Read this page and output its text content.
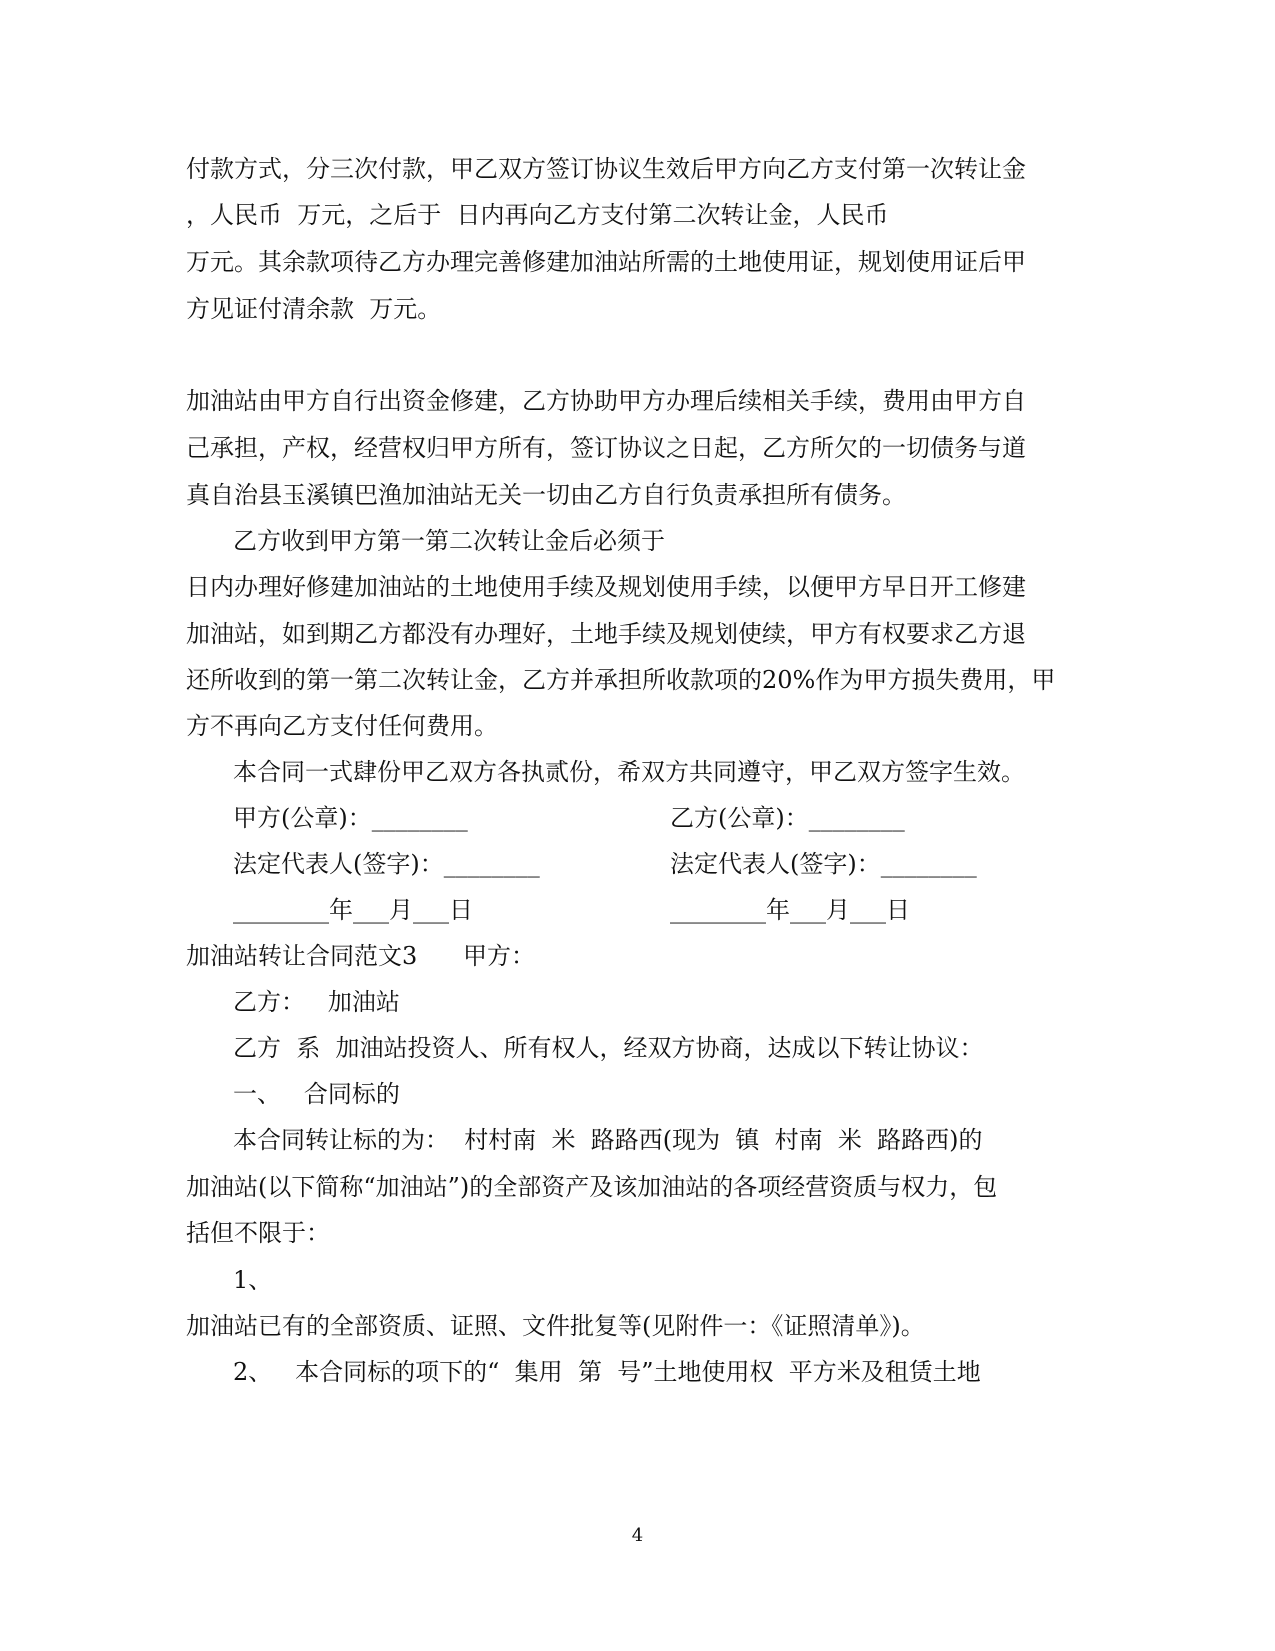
付款方式，分三次付款，甲乙双方签订协议生效后甲方向乙方支付第一次转让金
，人民币  万元，之后于  日内再向乙方支付第二次转让金，人民币
万元。其余款项待乙方办理完善修建加油站所需的土地使用证，规划使用证后甲
方见证付清余款  万元。
加油站由甲方自行出资金修建，乙方协助甲方办理后续相关手续，费用由甲方自
己承担，产权，经营权归甲方所有，签订协议之日起，乙方所欠的一切债务与道
真自治县玉溪镇巴渔加油站无关一切由乙方自行负责承担所有债务。
乙方收到甲方第一第二次转让金后必须于
日内办理好修建加油站的土地使用手续及规划使用手续，以便甲方早日开工修建
加油站，如到期乙方都没有办理好，土地手续及规划使续，甲方有权要求乙方退
还所收到的第一第二次转让金，乙方并承担所收款项的20%作为甲方损失费用，甲
方不再向乙方支付任何费用。
本合同一式肆份甲乙双方各执贰份，希双方共同遵守，甲乙双方签字生效。
甲方(公章)：________	乙方(公章)：________
法定代表人(签字)：________	法定代表人(签字)：________
________年___月___日	________年___月___日
加油站转让合同范文3      甲方：
乙方：   加油站
乙方  系  加油站投资人、所有权人，经双方协商，达成以下转让协议：
一、   合同标的
本合同转让标的为：  村村南  米  路路西(现为  镇  村南  米  路路西)的
加油站(以下简称“加油站”)的全部资产及该加油站的各项经营资质与权力，包
括但不限于：
1、
加油站已有的全部资质、证照、文件批复等(见附件一：《证照清单》)。
2、   本合同标的项下的“  集用  第  号”土地使用权  平方米及租赁土地
4
